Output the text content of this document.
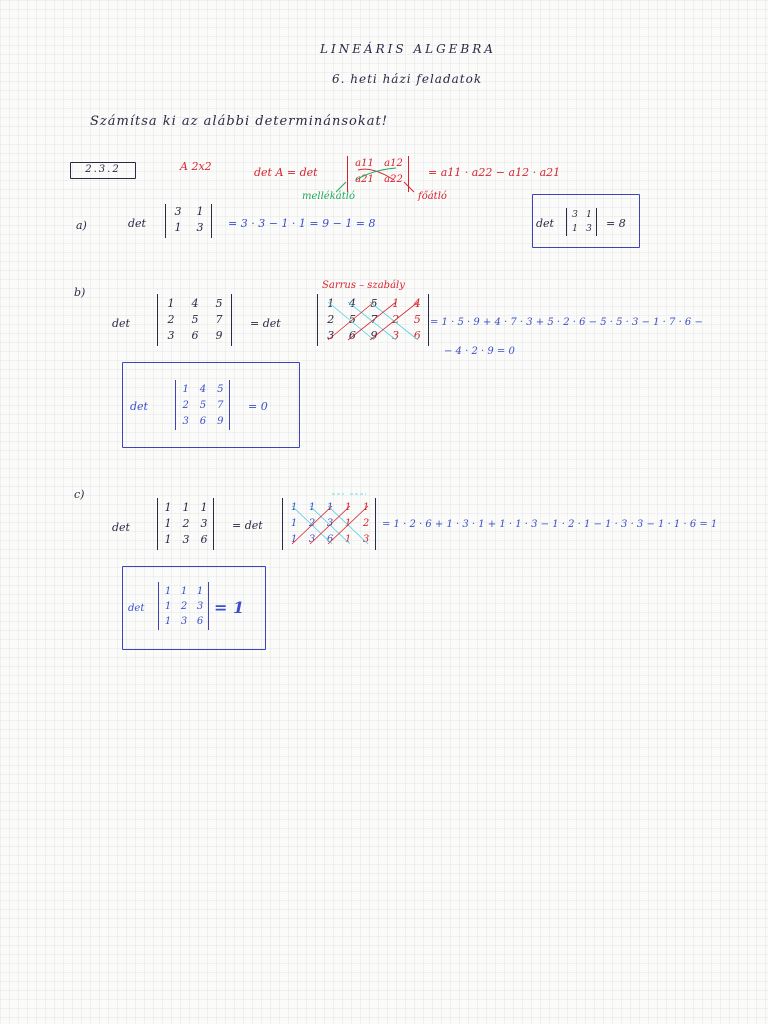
LINEÁRIS ALGEBRA
6. heti házi feladatok
Számítsa ki az alábbi determinánsokat!
2.3.2	A 2x2	det A = det
a11	a12
a21	a22
= a11 · a22 − a12 · a21
mellékátló	főátló
a)	det
3	1
1	3	= 3 · 3 − 1 · 1 = 9 − 1 = 8	det
3 1
1 3	= 8
b)
det
1	4	5
2	5	7
3	6	9
= det
Sarrus – szabály
1	4	5	1	4
2	5	7	2	5
3	6	9	3	6
= 1 · 5 · 9 + 4 · 7 · 3 + 5 · 2 · 6 − 5 · 5 · 3 − 1 · 7 · 6 −
− 4 · 2 · 9 = 0
det
1	4	5
2	5	7
3	6	9
= 0
c)
det
1	1	1
1	2	3
1	3	6
= det
1	1	1	1	1
1	2	3	1	2
1	3	6	1	3
= 1 · 2 · 6 + 1 · 3 · 1 + 1 · 1 · 3 − 1 · 2 · 1 − 1 · 3 · 3 − 1 · 1 · 6 = 1
det
1 1 1
1 2 3
1 3 6
= 1
